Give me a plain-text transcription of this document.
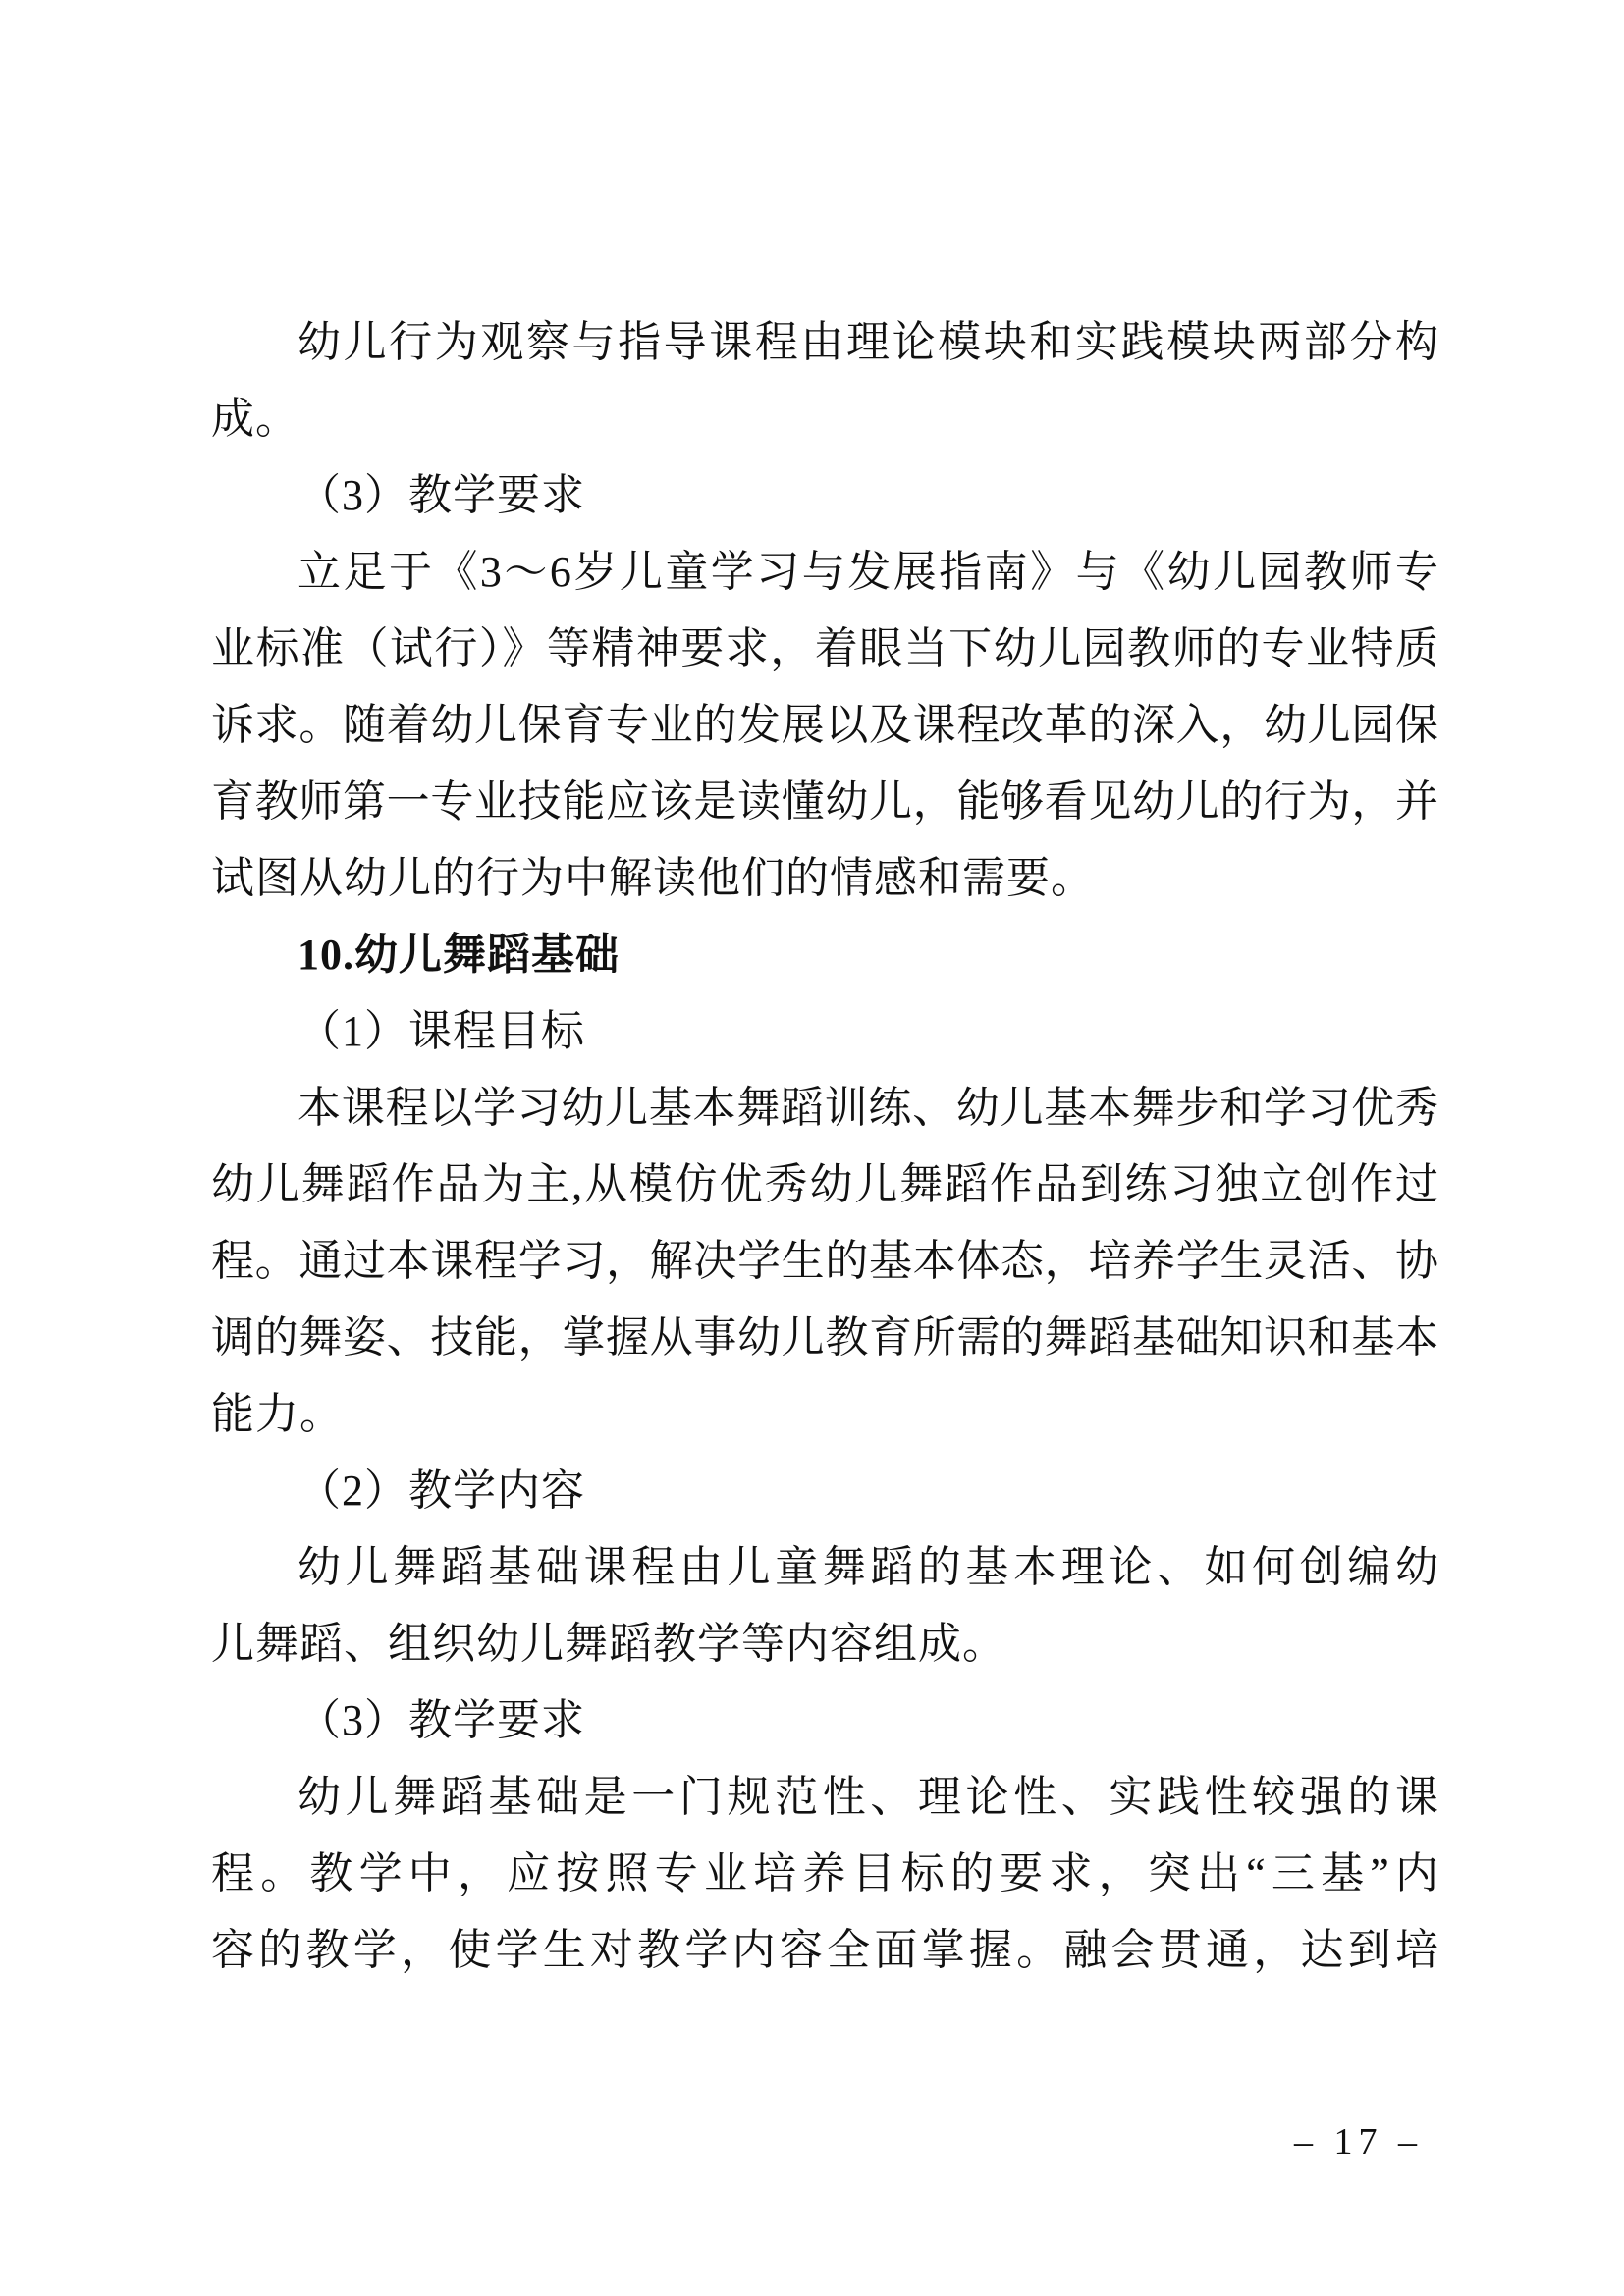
幼儿行为观察与指导课程由理论模块和实践模块两部分构
成。
（3）教学要求
立足于《3～6岁儿童学习与发展指南》与《幼儿园教师专
业标准（试行）》等精神要求，着眼当下幼儿园教师的专业特质
诉求。随着幼儿保育专业的发展以及课程改革的深入，幼儿园保
育教师第一专业技能应该是读懂幼儿，能够看见幼儿的行为，并
试图从幼儿的行为中解读他们的情感和需要。
10.幼儿舞蹈基础
（1）课程目标
本课程以学习幼儿基本舞蹈训练、幼儿基本舞步和学习优秀
幼儿舞蹈作品为主,从模仿优秀幼儿舞蹈作品到练习独立创作过
程。通过本课程学习，解决学生的基本体态，培养学生灵活、协
调的舞姿、技能，掌握从事幼儿教育所需的舞蹈基础知识和基本
能力。
（2）教学内容
幼儿舞蹈基础课程由儿童舞蹈的基本理论、如何创编幼
儿舞蹈、组织幼儿舞蹈教学等内容组成。
（3）教学要求
幼儿舞蹈基础是一门规范性、理论性、实践性较强的课
程。教学中，应按照专业培养目标的要求，突出“三基”内
容的教学，使学生对教学内容全面掌握。融会贯通，达到培
– 17 –
